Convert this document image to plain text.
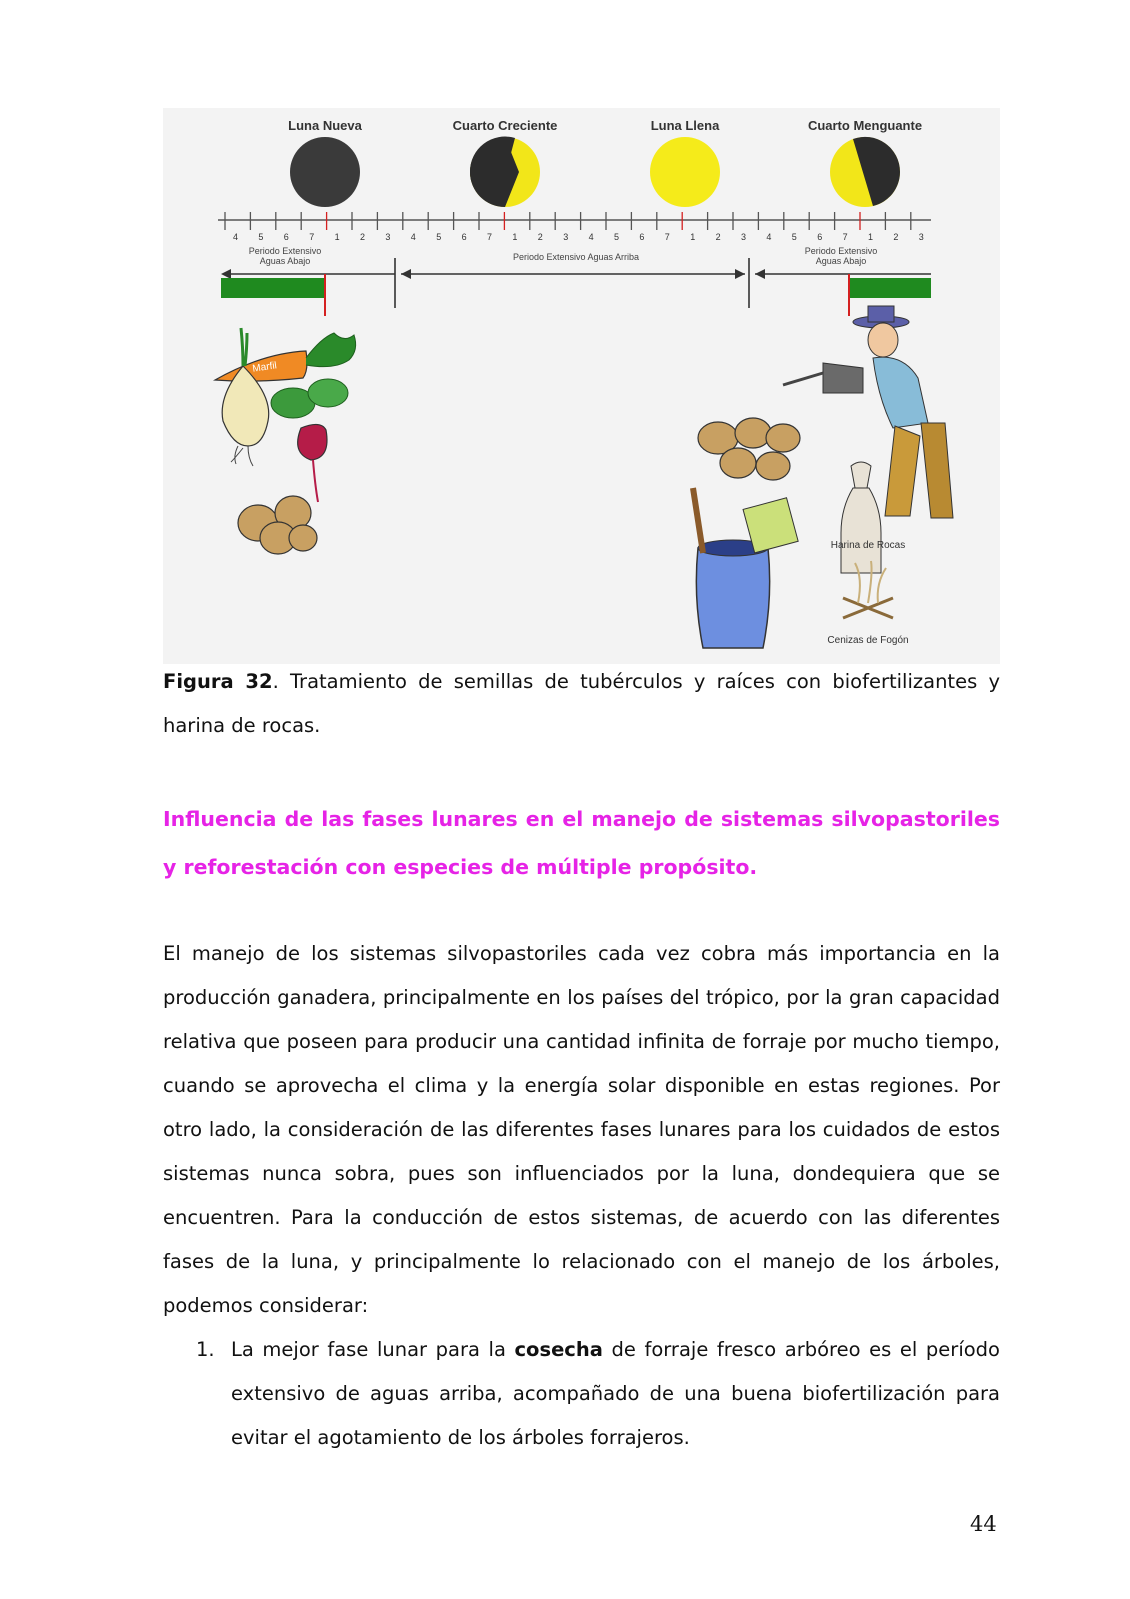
Luna Nueva	Cuarto Creciente	Luna Llena	Cuarto Menguante
4 5 6 7 1 2 3 4 5 6 7 1 2 3 4 5 6 7 1 2 3 4 5 6 7 1 2 3
Periodo Extensivo Aguas Abajo	Periodo Extensivo Aguas Arriba
Periodo Extensivo Aguas Abajo
Marfil
Harina de Rocas
Cenizas de Fogón
Figura 32. Tratamiento de semillas de tubérculos y raíces con biofertilizantes y harina de rocas.
Influencia de las fases lunares en el manejo de sistemas silvopastoriles y reforestación con especies de múltiple propósito.
El manejo de los sistemas silvopastoriles cada vez cobra más importancia en la producción ganadera, principalmente en los países del trópico, por la gran capacidad relativa que poseen para producir una cantidad infinita de forraje por mucho tiempo, cuando se aprovecha el clima y la energía solar disponible en estas regiones. Por otro lado, la consideración de las diferentes fases lunares para los cuidados de estos sistemas nunca sobra, pues son influenciados por la luna, dondequiera que se encuentren. Para la conducción de estos sistemas, de acuerdo con las diferentes fases de la luna, y principalmente lo relacionado con el manejo de los árboles, podemos considerar:
1. La mejor fase lunar para la cosecha de forraje fresco arbóreo es el período extensivo de aguas arriba, acompañado de una buena biofertilización para evitar el agotamiento de los árboles forrajeros.
44
